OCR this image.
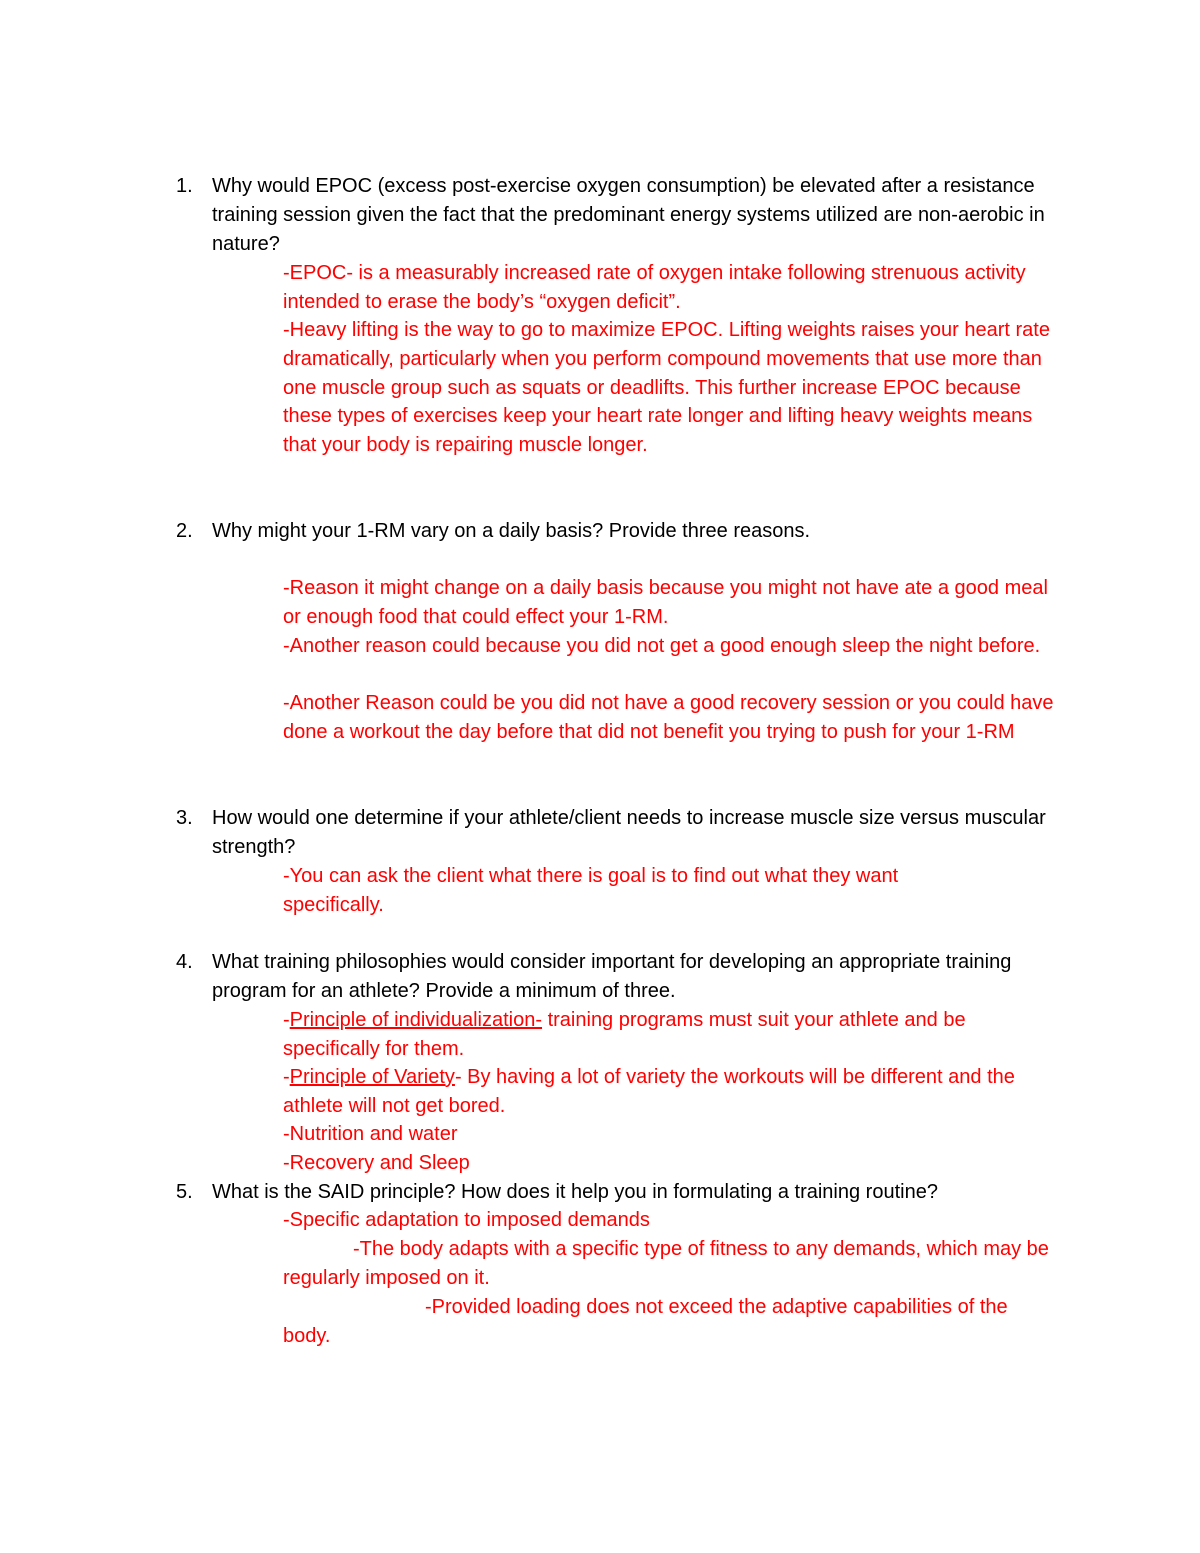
1. Why would EPOC (excess post-exercise oxygen consumption) be elevated after a resistance training session given the fact that the predominant energy systems utilized are non-aerobic in nature?
-EPOC- is a measurably increased rate of oxygen intake following strenuous activity intended to erase the body’s “oxygen deficit”.
-Heavy lifting is the way to go to maximize EPOC. Lifting weights raises your heart rate dramatically, particularly when you perform compound movements that use more than one muscle group such as squats or deadlifts. This further increase EPOC because these types of exercises keep your heart rate longer and lifting heavy weights means that your body is repairing muscle longer.
2. Why might your 1-RM vary on a daily basis? Provide three reasons.
-Reason it might change on a daily basis because you might not have ate a good meal or enough food that could effect your 1-RM.
-Another reason could because you did not get a good enough sleep the night before.
-Another Reason could be you did not have a good recovery session or you could have done a workout the day before that did not benefit you trying to push for your 1-RM
3. How would one determine if your athlete/client needs to increase muscle size versus muscular strength?
-You can ask the client what there is goal is to find out what they want specifically.
4. What training philosophies would consider important for developing an appropriate training program for an athlete? Provide a minimum of three.
-Principle of individualization- training programs must suit your athlete and be specifically for them.
-Principle of Variety- By having a lot of variety the workouts will be different and the athlete will not get bored.
-Nutrition and water
-Recovery and Sleep
5. What is the SAID principle? How does it help you in formulating a training routine?
-Specific adaptation to imposed demands
-The body adapts with a specific type of fitness to any demands, which may be regularly imposed on it.
-Provided loading does not exceed the adaptive capabilities of the body.
